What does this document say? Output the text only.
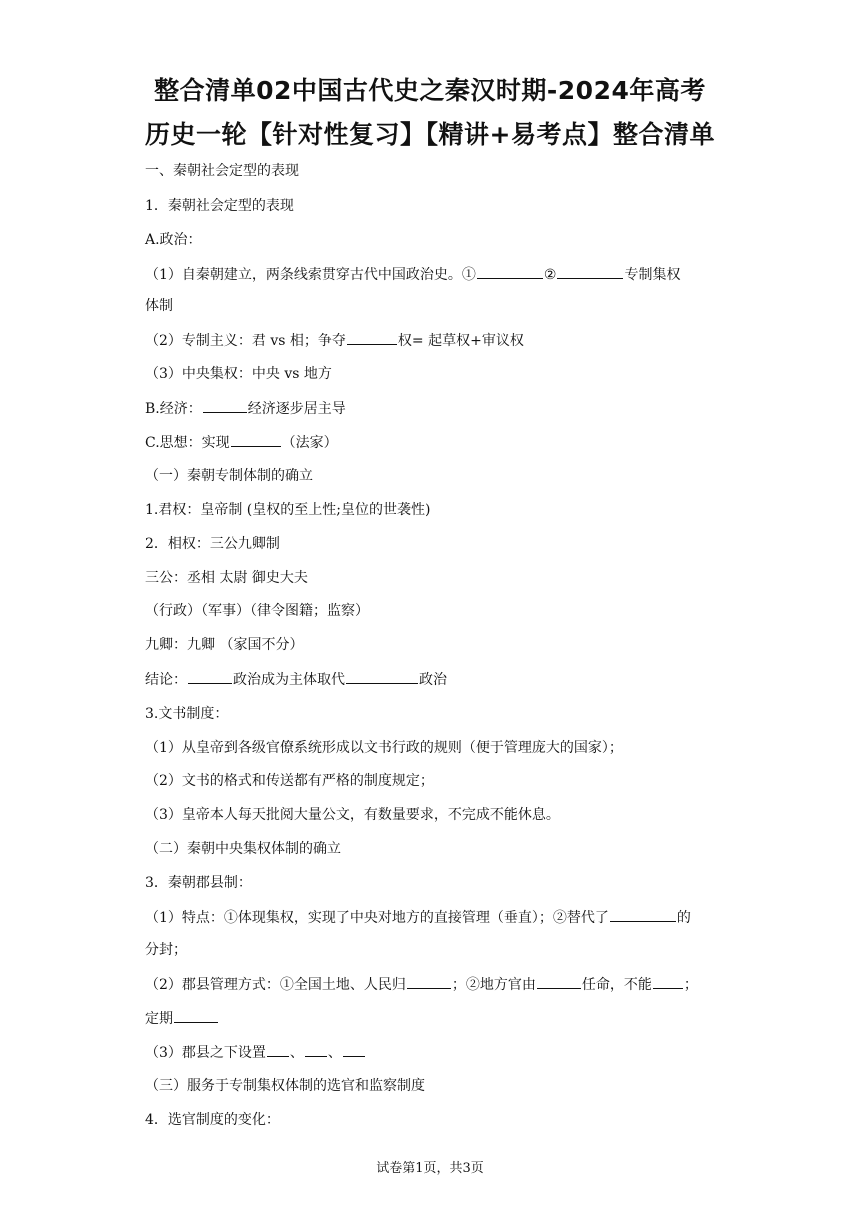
整合清单02中国古代史之秦汉时期-2024年高考
历史一轮【针对性复习】【精讲+易考点】整合清单
一、秦朝社会定型的表现
1．秦朝社会定型的表现
A.政治：
（1）自秦朝建立，两条线索贯穿古代中国政治史。①	②	专制集权
体制
（2）专制主义：君 vs 相；争夺	权= 起草权+审议权
（3）中央集权：中央 vs 地方
B.经济：	经济逐步居主导
C.思想：实现	（法家）
（一）秦朝专制体制的确立
1.君权：皇帝制 (皇权的至上性;皇位的世袭性)
2．相权：三公九卿制
三公：丞相 太尉 御史大夫
（行政）（军事）（律令图籍；监察）
九卿：九卿 （家国不分）
结论：	政治成为主体取代	政治
3.文书制度：
（1）从皇帝到各级官僚系统形成以文书行政的规则（便于管理庞大的国家）；
（2）文书的格式和传送都有严格的制度规定；
（3）皇帝本人每天批阅大量公文，有数量要求，不完成不能休息。
（二）秦朝中央集权体制的确立
3．秦朝郡县制：
（1）特点：①体现集权，实现了中央对地方的直接管理（垂直）；②替代了	的
分封；
（2）郡县管理方式：①全国土地、人民归	；②地方官由	任命，不能 ；
定期
（3）郡县之下设置 、 、
（三）服务于专制集权体制的选官和监察制度
4．选官制度的变化：
试卷第1页，共3页
